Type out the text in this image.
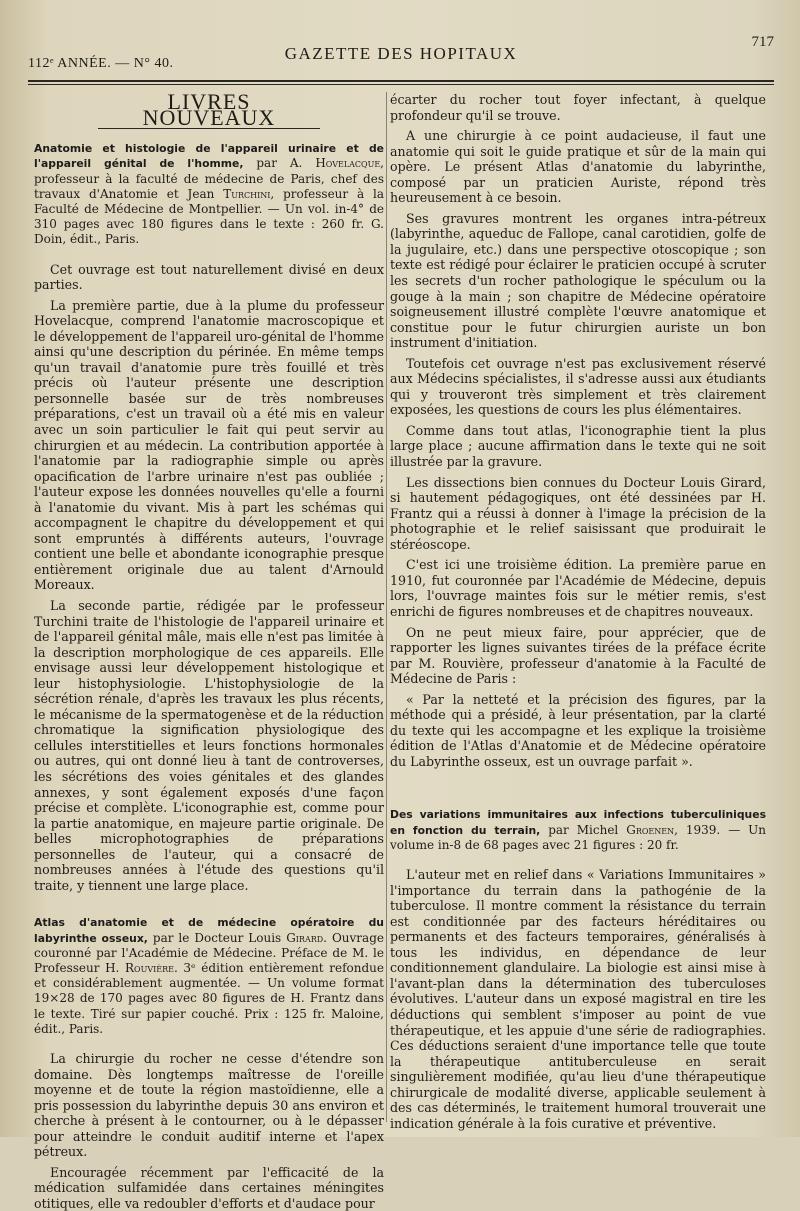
112ᵉ ANNÉE. — N° 40.
GAZETTE DES HOPITAUX
717
LIVRES NOUVEAUX
Anatomie et histologie de l'appareil urinaire et de l'appareil génital de l'homme, par A. Hovelacque, professeur à la faculté de médecine de Paris, chef des travaux d'Anatomie et Jean Turchini, professeur à la Faculté de Médecine de Montpellier. — Un vol. in-4° de 310 pages avec 180 figures dans le texte : 260 fr. G. Doin, édit., Paris.

Cet ouvrage est tout naturellement divisé en deux parties.

La première partie, due à la plume du professeur Hovelacque, comprend l'anatomie macroscopique et le développement de l'appareil uro-génital de l'homme ainsi qu'une description du périnée. En même temps qu'un travail d'anatomie pure très fouillé et très précis où l'auteur présente une description personnelle basée sur de très nombreuses préparations, c'est un travail où a été mis en valeur avec un soin particulier le fait qui peut servir au chirurgien et au médecin. La contribution apportée à l'anatomie par la radiographie simple ou après opacification de l'arbre urinaire n'est pas oubliée ; l'auteur expose les données nouvelles qu'elle a fourni à l'anatomie du vivant. Mis à part les schémas qui accompagnent le chapitre du développement et qui sont empruntés à différents auteurs, l'ouvrage contient une belle et abondante iconographie presque entièrement originale due au talent d'Arnould Moreaux.

La seconde partie, rédigée par le professeur Turchini traite de l'histologie de l'appareil urinaire et de l'appareil génital mâle, mais elle n'est pas limitée à la description morphologique de ces appareils. Elle envisage aussi leur développement histologique et leur histophysiologie. L'histophysiologie de la sécrétion rénale, d'après les travaux les plus récents, le mécanisme de la spermatogenèse et de la réduction chromatique la signification physiologique des cellules interstitielles et leurs fonctions hormonales ou autres, qui ont donné lieu à tant de controverses, les sécrétions des voies génitales et des glandes annexes, y sont également exposés d'une façon précise et complète. L'iconographie est, comme pour la partie anatomique, en majeure partie originale. De belles microphotographies de préparations personnelles de l'auteur, qui a consacré de nombreuses années à l'étude des questions qu'il traite, y tiennent une large place.

Atlas d'anatomie et de médecine opératoire du labyrinthe osseux, par le Docteur Louis Girard. Ouvrage couronné par l'Académie de Médecine. Préface de M. le Professeur H. Rouvière. 3ᵉ édition entièrement refondue et considérablement augmentée. — Un volume format 19×28 de 170 pages avec 80 figures de H. Frantz dans le texte. Tiré sur papier couché. Prix : 125 fr. Maloine, édit., Paris.

La chirurgie du rocher ne cesse d'étendre son domaine. Dès longtemps maîtresse de l'oreille moyenne et de toute la région mastoïdienne, elle a pris possession du labyrinthe depuis 30 ans environ et cherche à présent à le contourner, ou à le dépasser pour atteindre le conduit auditif interne et l'apex pétreux.

Encouragée récemment par l'efficacité de la médication sulfamidée dans certaines méningites otitiques, elle va redoubler d'efforts et d'audace pour

écarter du rocher tout foyer infectant, à quelque profondeur qu'il se trouve.

A une chirurgie à ce point audacieuse, il faut une anatomie qui soit le guide pratique et sûr de la main qui opère. Le présent Atlas d'anatomie du labyrinthe, composé par un praticien Auriste, répond très heureusement à ce besoin.

Ses gravures montrent les organes intra-pétreux (labyrinthe, aqueduc de Fallope, canal carotidien, golfe de la jugulaire, etc.) dans une perspective otoscopique ; son texte est rédigé pour éclairer le praticien occupé à scruter les secrets d'un rocher pathologique le spéculum ou la gouge à la main ; son chapitre de Médecine opératoire soigneusement illustré complète l'œuvre anatomique et constitue pour le futur chirurgien auriste un bon instrument d'initiation.

Toutefois cet ouvrage n'est pas exclusivement réservé aux Médecins spécialistes, il s'adresse aussi aux étudiants qui y trouveront très simplement et très clairement exposées, les questions de cours les plus élémentaires.

Comme dans tout atlas, l'iconographie tient la plus large place ; aucune affirmation dans le texte qui ne soit illustrée par la gravure.

Les dissections bien connues du Docteur Louis Girard, si hautement pédagogiques, ont été dessinées par H. Frantz qui a réussi à donner à l'image la précision de la photographie et le relief saisissant que produirait le stéréoscope.

C'est ici une troisième édition. La première parue en 1910, fut couronnée par l'Académie de Médecine, depuis lors, l'ouvrage maintes fois sur le métier remis, s'est enrichi de figures nombreuses et de chapitres nouveaux.

On ne peut mieux faire, pour apprécier, que de rapporter les lignes suivantes tirées de la préface écrite par M. Rouvière, professeur d'anatomie à la Faculté de Médecine de Paris :

« Par la netteté et la précision des figures, par la méthode qui a présidé, à leur présentation, par la clarté du texte qui les accompagne et les explique la troisième édition de l'Atlas d'Anatomie et de Médecine opératoire du Labyrinthe osseux, est un ouvrage parfait ».

Des variations immunitaires aux infections tuberculiniques en fonction du terrain, par Michel Groenen, 1939. — Un volume in-8 de 68 pages avec 21 figures : 20 fr.

L'auteur met en relief dans « Variations Immunitaires » l'importance du terrain dans la pathogénie de la tuberculose. Il montre comment la résistance du terrain est conditionnée par des facteurs héréditaires ou permanents et des facteurs temporaires, généralisés à tous les individus, en dépendance de leur conditionnement glandulaire. La biologie est ainsi mise à l'avant-plan dans la détermination des tuberculoses évolutives. L'auteur dans un exposé magistral en tire les déductions qui semblent s'imposer au point de vue thérapeutique, et les appuie d'une série de radiographies. Ces déductions seraient d'une importance telle que toute la thérapeutique antituberculeuse en serait singulièrement modifiée, qu'au lieu d'une thérapeutique chirurgicale de modalité diverse, applicable seulement à des cas déterminés, le traitement humoral trouverait une indication générale à la fois curative et préventive.
